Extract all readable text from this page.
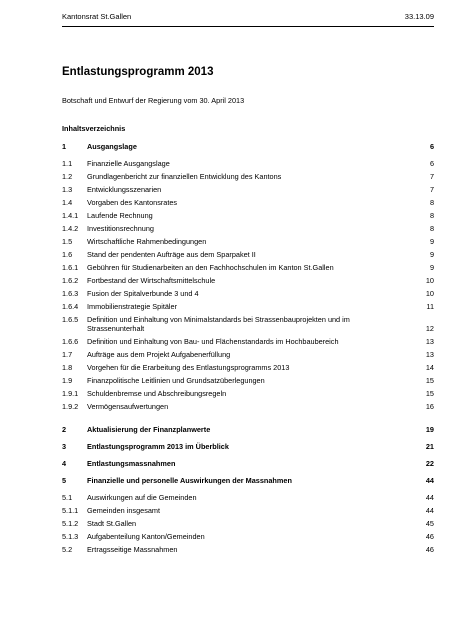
Kantonsrat St.Gallen	33.13.09
Entlastungsprogramm 2013
Botschaft und Entwurf der Regierung vom 30. April 2013
Inhaltsverzeichnis
1	Ausgangslage	6
1.1 Finanzielle Ausgangslage	6
1.2 Grundlagenbericht zur finanziellen Entwicklung des Kantons	7
1.3 Entwicklungsszenarien	7
1.4 Vorgaben des Kantonsrates	8
1.4.1 Laufende Rechnung	8
1.4.2 Investitionsrechnung	8
1.5 Wirtschaftliche Rahmenbedingungen	9
1.6 Stand der pendenten Aufträge aus dem Sparpaket II	9
1.6.1 Gebühren für Studienarbeiten an den Fachhochschulen im Kanton St.Gallen	9
1.6.2 Fortbestand der Wirtschaftsmittelschule	10
1.6.3 Fusion der Spitalverbunde 3 und 4	10
1.6.4 Immobilienstrategie Spitäler	11
1.6.5 Definition und Einhaltung von Minimalstandards bei Strassenbauprojekten und im Strassenunterhalt	12
1.6.6 Definition und Einhaltung von Bau- und Flächenstandards im Hochbaubereich	13
1.7 Aufträge aus dem Projekt Aufgabenerfüllung	13
1.8 Vorgehen für die Erarbeitung des Entlastungsprogramms 2013	14
1.9 Finanzpolitische Leitlinien und Grundsatzüberlegungen	15
1.9.1 Schuldenbremse und Abschreibungsregeln	15
1.9.2 Vermögensaufwertungen	16
2	Aktualisierung der Finanzplanwerte	19
3	Entlastungsprogramm 2013 im Überblick	21
4	Entlastungsmassnahmen	22
5	Finanzielle und personelle Auswirkungen der Massnahmen	44
5.1 Auswirkungen auf die Gemeinden	44
5.1.1 Gemeinden insgesamt	44
5.1.2 Stadt St.Gallen	45
5.1.3 Aufgabenteilung Kanton/Gemeinden	46
5.2 Ertragsseitige Massnahmen	46
